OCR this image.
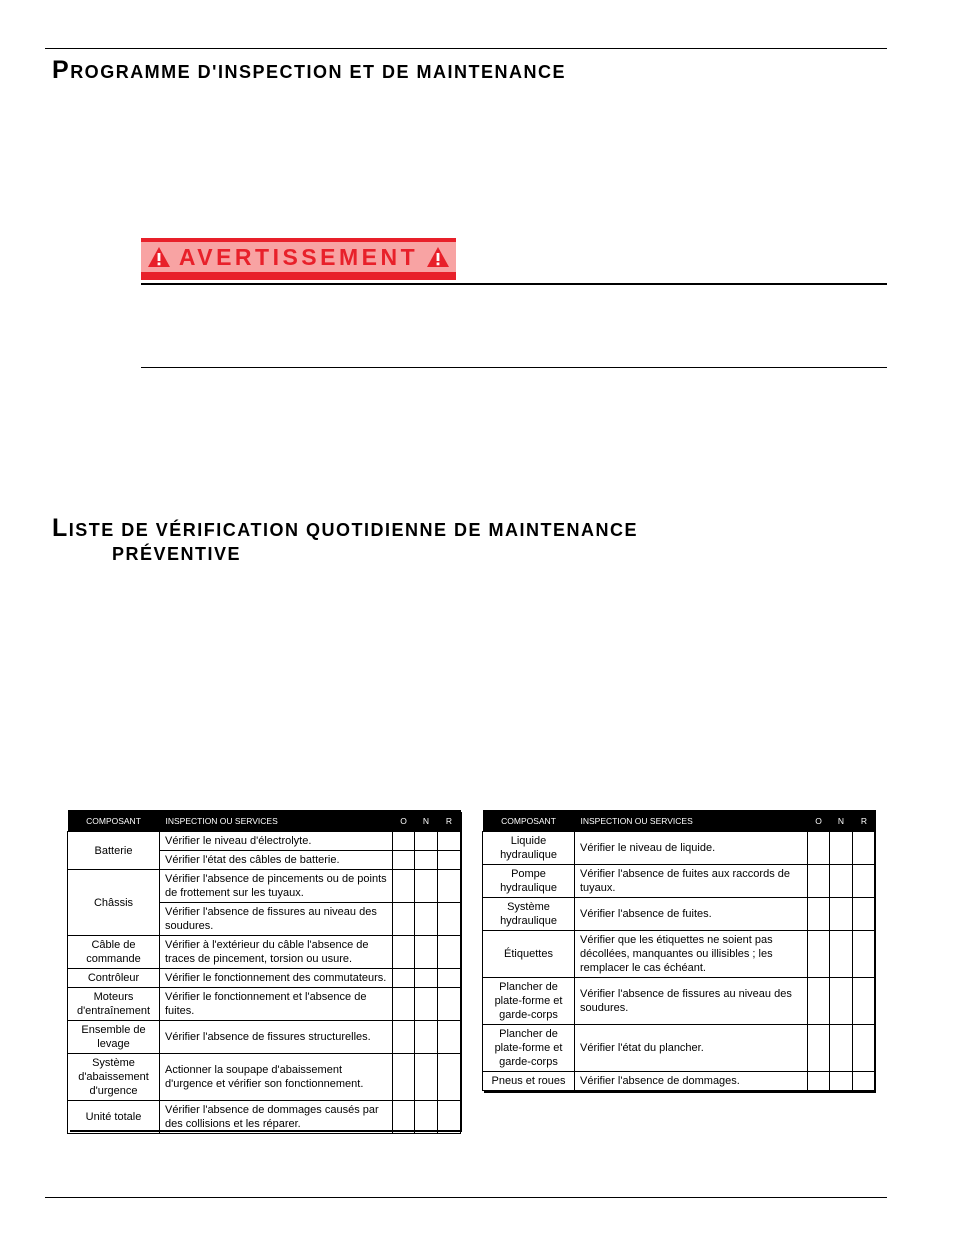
PROGRAMME D'INSPECTION ET DE MAINTENANCE
AVERTISSEMENT
LISTE DE VÉRIFICATION QUOTIDIENNE DE MAINTENANCE
PRÉVENTIVE
COMPOSANT	INSPECTION OU SERVICES	O	N	R
Batterie	Vérifier le niveau d'électrolyte.			
	Vérifier l'état des câbles de batterie.			
Châssis	Vérifier l'absence de pincements ou de points de frottement sur les tuyaux.			
	Vérifier l'absence de fissures au niveau des soudures.			
Câble de commande	Vérifier à l'extérieur du câble l'absence de traces de pincement, torsion ou usure.			
Contrôleur	Vérifier le fonctionnement des commutateurs.			
Moteurs d'entraînement	Vérifier le fonctionnement et l'absence de fuites.			
Ensemble de levage	Vérifier l'absence de fissures structurelles.			
Système d'abaissement d'urgence	Actionner la soupape d'abaissement d'urgence et vérifier son fonctionnement.			
Unité totale	Vérifier l'absence de dommages causés par des collisions et les réparer.			
COMPOSANT	INSPECTION OU SERVICES	O	N	R
Liquide hydraulique	Vérifier le niveau de liquide.			
Pompe hydraulique	Vérifier l'absence de fuites aux raccords de tuyaux.			
Système hydraulique	Vérifier l'absence de fuites.			
Étiquettes	Vérifier que les étiquettes ne soient pas décollées, manquantes ou illisibles ; les remplacer le cas échéant.			
Plancher de plate-forme et garde-corps	Vérifier l'absence de fissures au niveau des soudures.			
Plancher de plate-forme et garde-corps	Vérifier l'état du plancher.			
Pneus et roues	Vérifier l'absence de dommages.			
